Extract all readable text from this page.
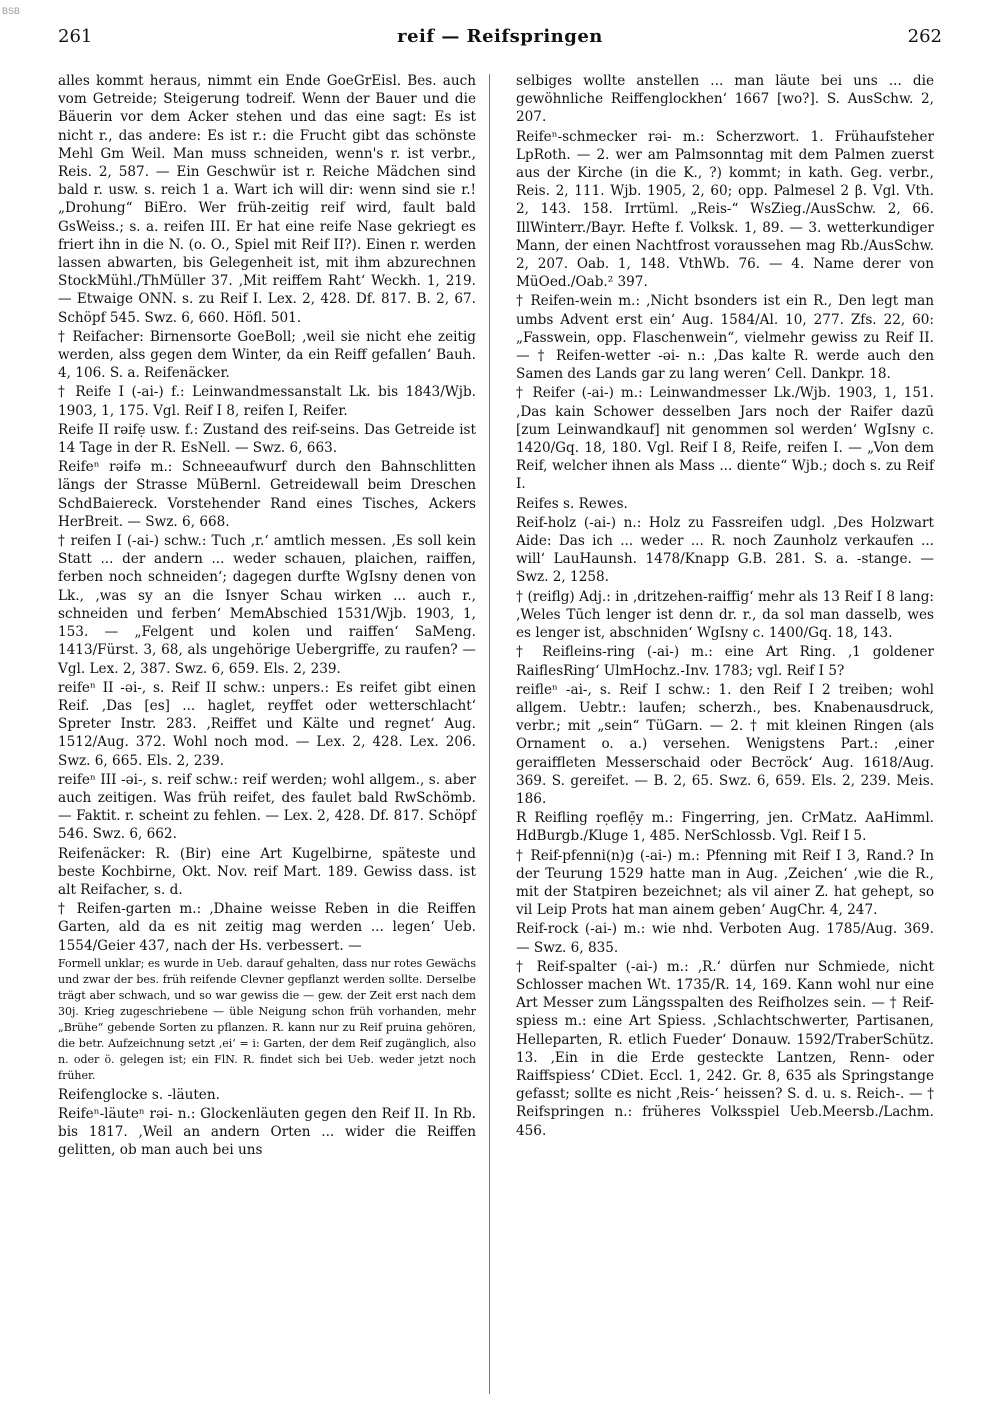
BSB
261	reif — Reifspringen	262

alles kommt heraus, nimmt ein Ende GoeGrEisl. Bes. auch vom Getreide; Steigerung todreif. Wenn der Bauer und die Bäuerin vor dem Acker stehen und das eine sagt: Es ist nicht r., das andere: Es ist r.: die Frucht gibt das schönste Mehl Gm Weil. Man muss schneiden, wenn's r. ist verbr., Reis. 2, 587. — Ein Geschwür ist r. Reiche Mädchen sind bald r. usw. s. reich 1 a. Wart ich will dir: wenn sind sie r.! „Drohung“ BiEro. Wer früh-zeitig reif wird, fault bald GsWeiss.; s. a. reifen III. Er hat eine reife Nase gekriegt es friert ihn in die N. (o. O., Spiel mit Reif II?). Einen r. werden lassen abwarten, bis Gelegenheit ist, mit ihm abzurechnen StockMühl./ThMüller 37. ‚Mit reiffem Raht‘ Weckh. 1, 219. — Etwaige ONN. s. zu Reif I. Lex. 2, 428. Df. 817. B. 2, 67. Schöpf 545. Swz. 6, 660. Höfl. 501.

† Reifacher: Birnensorte GoeBoll; ‚weil sie nicht ehe zeitig werden, alss gegen dem Winter, da ein Reiff gefallen‘ Bauh. 4, 106. S. a. Reifenäcker.

† Reife I (-ai-) f.: Leinwandmessanstalt Lk. bis 1843/Wjb. 1903, 1, 175. Vgl. Reif I 8, reifen I, Reifer.

Reife II rəifẹ usw. f.: Zustand des reif-seins. Das Getreide ist 14 Tage in der R. EsNell. — Swz. 6, 663.

Reifeⁿ rəifə m.: Schneeaufwurf durch den Bahnschlitten längs der Strasse MüBernl. Getreidewall beim Dreschen SchdBaiereck. Vorstehender Rand eines Tisches, Ackers HerBreit. — Swz. 6, 668.

† reifen I (-ai-) schw.: Tuch ‚r.‘ amtlich messen. ‚Es soll kein Statt ... der andern ... weder schauen, plaichen, raiffen, ferben noch schneiden‘; dagegen durfte WgIsny denen von Lk., ‚was sy an die Isnyer Schau wirken ... auch r., schneiden und ferben‘ MemAbschied 1531/Wjb. 1903, 1, 153. — „Felgent und kolen und raiffen‘ SaMeng. 1413/Fürst. 3, 68, als ungehörige Uebergriffe, zu raufen? — Vgl. Lex. 2, 387. Swz. 6, 659. Els. 2, 239.

reifeⁿ II -əi-, s. Reif II schw.: unpers.: Es reifet gibt einen Reif. ‚Das [es] ... haglet, reyffet oder wetterschlacht‘ Spreter Instr. 283. ‚Reiffet und Kälte und regnet‘ Aug. 1512/Aug. 372. Wohl noch mod. — Lex. 2, 428. Lex. 206. Swz. 6, 665. Els. 2, 239.

reifeⁿ III -əi-, s. reif schw.: reif werden; wohl allgem., s. aber auch zeitigen. Was früh reifet, des faulet bald RwSchömb. — Faktit. r. scheint zu fehlen. — Lex. 2, 428. Df. 817. Schöpf 546. Swz. 6, 662.

Reifenäcker: R. (Bir) eine Art Kugelbirne, späteste und beste Kochbirne, Okt. Nov. reif Mart. 189. Gewiss dass. ist alt Reifacher, s. d.

† Reifen-garten m.: ‚Dhaine weisse Reben in die Reiffen Garten, ald da es nit zeitig mag werden ... legen‘ Ueb. 1554/Geier 437, nach der Hs. verbessert. —

Formell unklar; es wurde in Ueb. darauf gehalten, dass nur rotes Gewächs und zwar der bes. früh reifende Clevner gepflanzt werden sollte. Derselbe trägt aber schwach, und so war gewiss die — gew. der Zeit erst nach dem 30j. Krieg zugeschriebene — üble Neigung schon früh vorhanden, mehr „Brühe“ gebende Sorten zu pflanzen. R. kann nur zu Reif pruina gehören, die betr. Aufzeichnung setzt ‚ei‘ = i: Garten, der dem Reif zugänglich, also n. oder ö. gelegen ist; ein FlN. R. findet sich bei Ueb. weder jetzt noch früher.

Reifenglocke s. -läuten.

Reifeⁿ-läuteⁿ rəi- n.: Glockenläuten gegen den Reif II. In Rb. bis 1817. ‚Weil an andern Orten ... wider die Reiffen gelitten, ob man auch bei uns

selbiges wollte anstellen ... man läute bei uns ... die gewöhnliche Reiffenglockhen‘ 1667 [wo?]. S. AusSchw. 2, 207.

Reifeⁿ-schmecker rəi- m.: Scherzwort. 1. Frühaufsteher LpRoth. — 2. wer am Palmsonntag mit dem Palmen zuerst aus der Kirche (in die K., ?) kommt; in kath. Geg. verbr., Reis. 2, 111. Wjb. 1905, 2, 60; opp. Palmesel 2 β. Vgl. Vth. 2, 143. 158. Irrtüml. „Reis-“ WsZieg./AusSchw. 2, 66. IllWinterr./Bayr. Hefte f. Volksk. 1, 89. — 3. wetterkundiger Mann, der einen Nachtfrost voraussehen mag Rb./AusSchw. 2, 207. Oab. 1, 148. VthWb. 76. — 4. Name derer von MüOed./Oab.² 397.

† Reifen-wein m.: ‚Nicht bsonders ist ein R., Den legt man umbs Advent erst ein‘ Aug. 1584/Al. 10, 277. Zfs. 22, 60: „Fasswein, opp. Flaschenwein“, vielmehr gewiss zu Reif II. — † Reifen-wetter -əi- n.: ‚Das kalte R. werde auch den Samen des Lands gar zu lang weren‘ Cell. Dankpr. 18.

† Reifer (-ai-) m.: Leinwandmesser Lk./Wjb. 1903, 1, 151. ‚Das kain Schower desselben Jars noch der Raifer dazū [zum Leinwandkauf] nit genommen sol werden‘ WgIsny c. 1420/Gq. 18, 180. Vgl. Reif I 8, Reife, reifen I. — „Von dem Reif, welcher ihnen als Mass ... diente“ Wjb.; doch s. zu Reif I.

Reifes s. Rewes.

Reif-holz (-ai-) n.: Holz zu Fassreifen udgl. ‚Des Holzwart Aide: Das ich ... weder ... R. noch Zaunholz verkaufen ... will‘ LauHaunsh. 1478/Knapp G.B. 281. S. a. -stange. — Swz. 2, 1258.

† (reiflg) Adj.: in ‚dritzehen-raiffig‘ mehr als 13 Reif I 8 lang: ‚Weles Tūch lenger ist denn dr. r., da sol man dasselb, wes es lenger ist, abschniden‘ WgIsny c. 1400/Gq. 18, 143.

† Reifleins-ring (-ai-) m.: eine Art Ring. ‚1 goldener RaiflesRing‘ UlmHochz.-Inv. 1783; vgl. Reif I 5?

reifleⁿ -ai-, s. Reif I schw.: 1. den Reif I 2 treiben; wohl allgem. Uebtr.: laufen; scherzh., bes. Knabenausdruck, verbr.; mit „sein“ TüGarn. — 2. † mit kleinen Ringen (als Ornament o. a.) versehen. Wenigstens Part.: ‚einer geraiffleten Messerschaid oder Beстöck‘ Aug. 1618/Aug. 369. S. gereifet. — B. 2, 65. Swz. 6, 659. Els. 2, 239. Meis. 186.

R Reifling rọeflẹ̄y m.: Fingerring, jen. CrMatz. AaHimml. HdBurgb./Kluge 1, 485. NerSchlossb. Vgl. Reif I 5.

† Reif-pfenni(n)g (-ai-) m.: Pfenning mit Reif I 3, Rand.? In der Teurung 1529 hatte man in Aug. ‚Zeichen‘ ‚wie die R., mit der Statpiren bezeichnet; als vil ainer Z. hat gehept, so vil Leip Prots hat man ainem geben‘ AugChr. 4, 247.

Reif-rock (-ai-) m.: wie nhd. Verboten Aug. 1785/Aug. 369. — Swz. 6, 835.

† Reif-spalter (-ai-) m.: ‚R.‘ dürfen nur Schmiede, nicht Schlosser machen Wt. 1735/R. 14, 169. Kann wohl nur eine Art Messer zum Längsspalten des Reifholzes sein. — † Reif-spiess m.: eine Art Spiess. ‚Schlachtschwerter, Partisanen, Helleparten, R. etlich Fueder‘ Donauw. 1592/TraberSchütz. 13. ‚Ein in die Erde gesteckte Lantzen, Renn- oder Raiffspiess‘ CDiet. Eccl. 1, 242. Gr. 8, 635 als Springstange gefasst; sollte es nicht ‚Reis-‘ heissen? S. d. u. s. Reich-. — † Reifspringen n.: früheres Volksspiel Ueb.Meersb./Lachm. 456.
